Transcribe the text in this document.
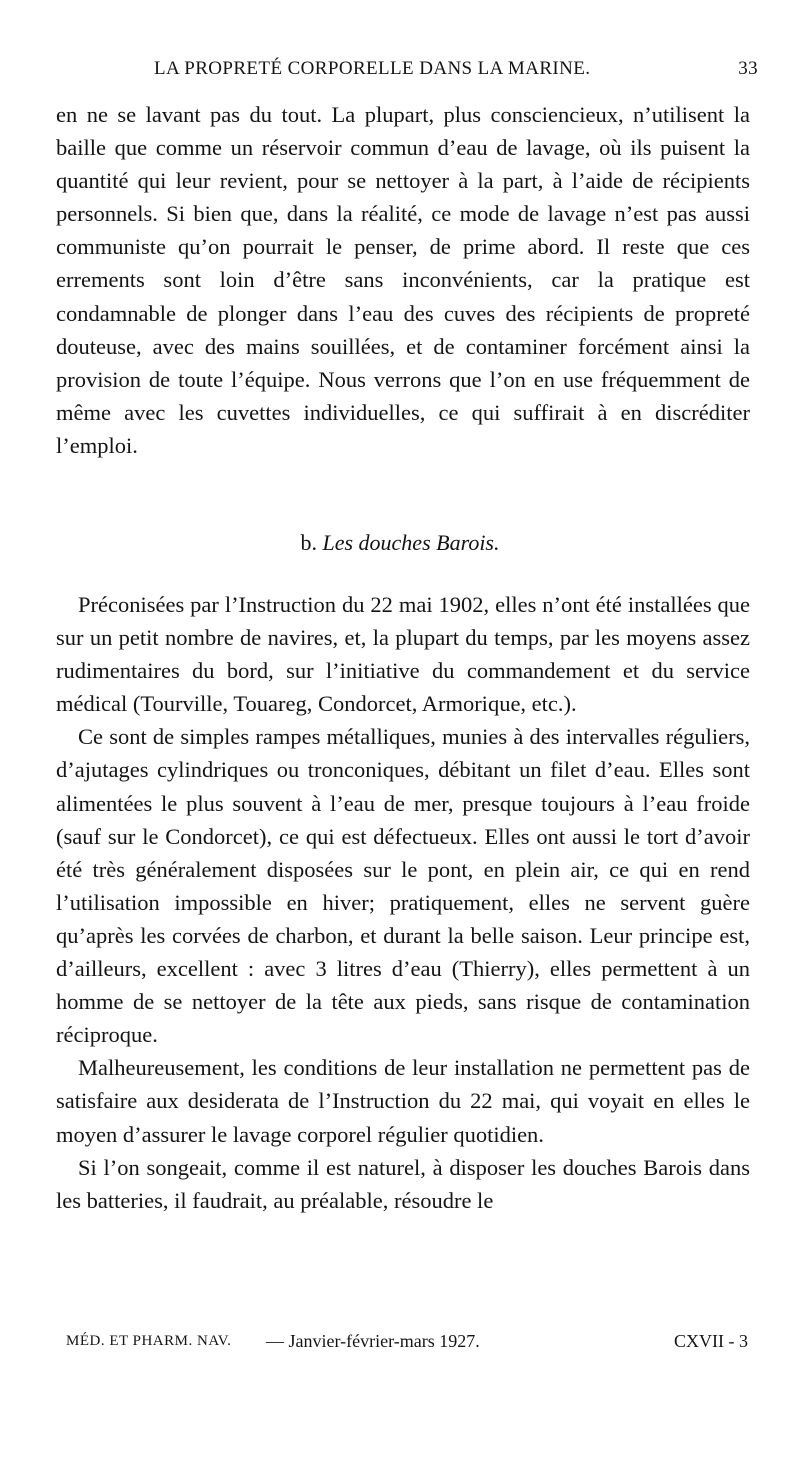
LA PROPRETÉ CORPORELLE DANS LA MARINE.	33

en ne se lavant pas du tout. La plupart, plus consciencieux, n’utilisent la baille que comme un réservoir commun d’eau de lavage, où ils puisent la quantité qui leur revient, pour se nettoyer à la part, à l’aide de récipients personnels. Si bien que, dans la réalité, ce mode de lavage n’est pas aussi communiste qu’on pourrait le penser, de prime abord. Il reste que ces errements sont loin d’être sans inconvénients, car la pratique est condamnable de plonger dans l’eau des cuves des récipients de propreté douteuse, avec des mains souillées, et de contaminer forcément ainsi la provision de toute l’équipe. Nous verrons que l’on en use fréquemment de même avec les cuvettes individuelles, ce qui suffirait à en discréditer l’emploi.

b. Les douches Barois.

Préconisées par l’Instruction du 22 mai 1902, elles n’ont été installées que sur un petit nombre de navires, et, la plupart du temps, par les moyens assez rudimentaires du bord, sur l’initiative du commandement et du service médical (Tourville, Touareg, Condorcet, Armorique, etc.).

Ce sont de simples rampes métalliques, munies à des intervalles réguliers, d’ajutages cylindriques ou tronconiques, débitant un filet d’eau. Elles sont alimentées le plus souvent à l’eau de mer, presque toujours à l’eau froide (sauf sur le Condorcet), ce qui est défectueux. Elles ont aussi le tort d’avoir été très généralement disposées sur le pont, en plein air, ce qui en rend l’utilisation impossible en hiver; pratiquement, elles ne servent guère qu’après les corvées de charbon, et durant la belle saison. Leur principe est, d’ailleurs, excellent : avec 3 litres d’eau (Thierry), elles permettent à un homme de se nettoyer de la tête aux pieds, sans risque de contamination réciproque.

Malheureusement, les conditions de leur installation ne permettent pas de satisfaire aux desiderata de l’Instruction du 22 mai, qui voyait en elles le moyen d’assurer le lavage corporel régulier quotidien.

Si l’on songeait, comme il est naturel, à disposer les douches Barois dans les batteries, il faudrait, au préalable, résoudre le

MÉD. ET PHARM. NAV. — Janvier-février-mars 1927.	CXVII - 3
